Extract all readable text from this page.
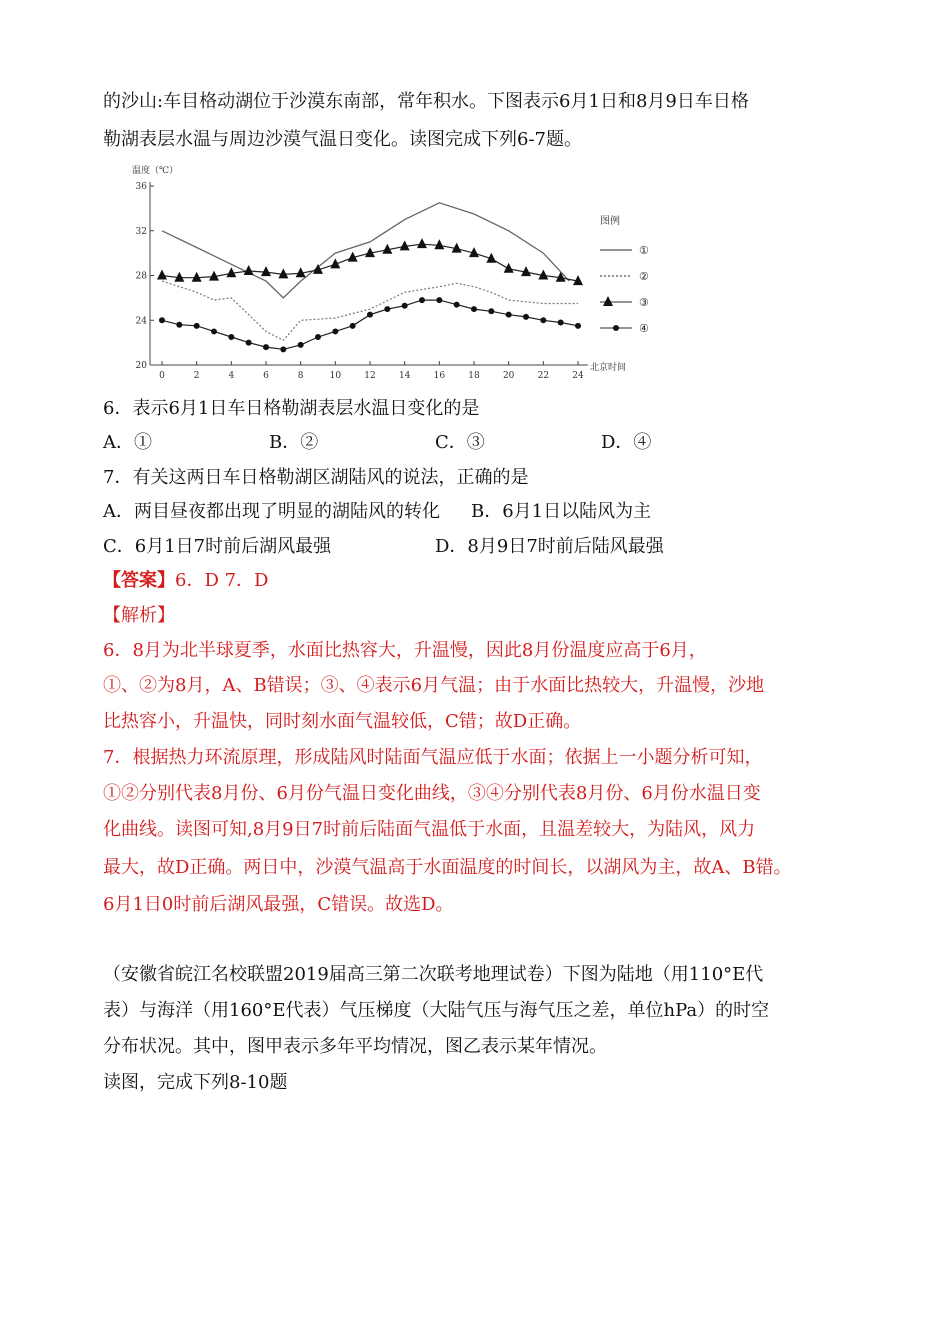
的沙山:车目格动湖位于沙漠东南部，常年积水。下图表示6月1日和8月9日车日格
勒湖表层水温与周边沙漠气温日变化。读图完成下列6-7题。
温度（℃）
北京时间
图例
20
24
28
32
36
0	2	4	6	8	10	12	14	16	18	20	22	24
①
②
③
④
6．表示6月1日车日格勒湖表层水温日变化的是
A．①	B．②	C．③	D．④
7．有关这两日车日格勒湖区湖陆风的说法，正确的是
A．两目昼夜都出现了明显的湖陆风的转化 B．6月1日以陆风为主
C．6月1日7时前后湖风最强	D．8月9日7时前后陆风最强
【答案】6．D 7．D
【解析】
6．8月为北半球夏季，水面比热容大，升温慢，因此8月份温度应高于6月，
①、②为8月，A、B错误；③、④表示6月气温；由于水面比热较大，升温慢，沙地
比热容小，升温快，同时刻水面气温较低，C错；故D正确。
7．根据热力环流原理，形成陆风时陆面气温应低于水面；依据上一小题分析可知，
①②分别代表8月份、6月份气温日变化曲线，③④分别代表8月份、6月份水温日变
化曲线。读图可知,8月9日7时前后陆面气温低于水面，且温差较大，为陆风，风力
最大，故D正确。两日中，沙漠气温高于水面温度的时间长，以湖风为主，故A、B错。
6月1日0时前后湖风最强，C错误。故选D。
（安徽省皖江名校联盟2019届高三第二次联考地理试卷）下图为陆地（用110°E代
表）与海洋（用160°E代表）气压梯度（大陆气压与海气压之差，单位hPa）的时空
分布状况。其中，图甲表示多年平均情况，图乙表示某年情况。
读图，完成下列8-10题
